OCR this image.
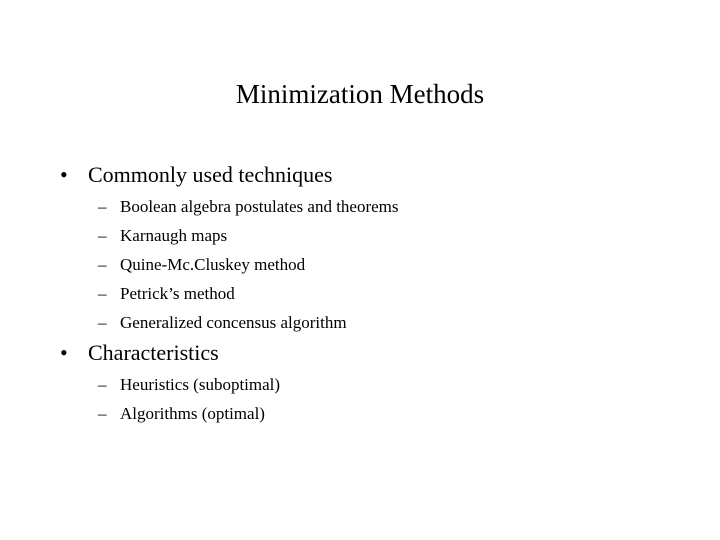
Minimization Methods
• Commonly used techniques
– Boolean algebra postulates and theorems
– Karnaugh maps
– Quine-Mc.Cluskey method
– Petrick’s method
– Generalized concensus algorithm
• Characteristics
– Heuristics (suboptimal)
– Algorithms (optimal)
